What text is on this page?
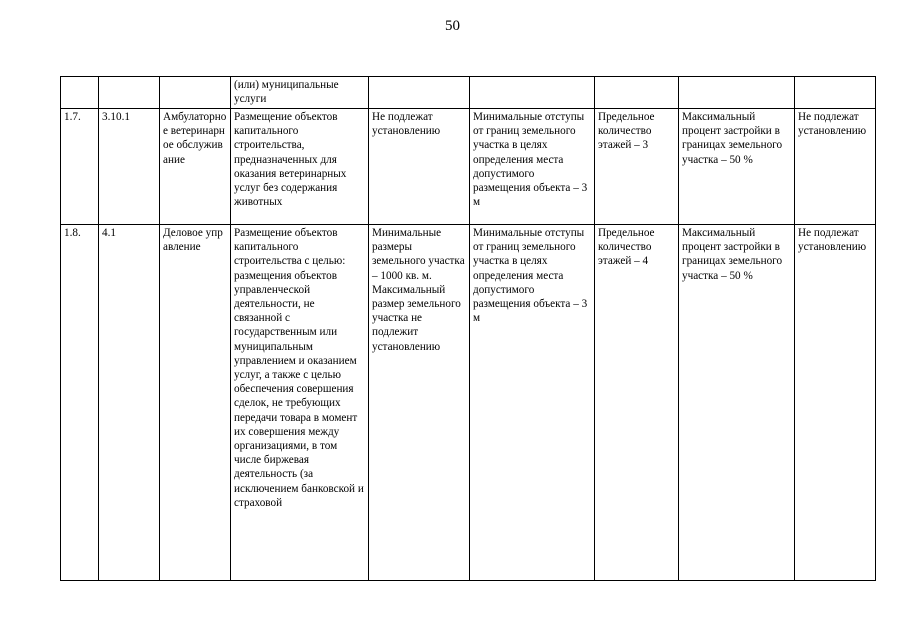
50
			(или) муниципальные услуги					
1.7.	3.10.1	Амбулаторное ветеринарное обслуживание	Размещение объектов капитального строительства, предназначенных для оказания ветеринарных услуг без содержания животных	Не подлежат установлению	Минимальные отступы от границ земельного участка в целях определения места допустимого размещения объекта – 3 м	Предельное количество этажей – 3	Максимальный процент застройки в границах земельного участка – 50 %	Не подлежат установлению
1.8.	4.1	Деловое управление	Размещение объектов капитального строительства с целью: размещения объектов управленческой деятельности, не связанной с государственным или муниципальным управлением и оказанием услуг, а также с целью обеспечения совершения сделок, не требующих передачи товара в момент их совершения между организациями, в том числе биржевая деятельность (за исключением банковской и страховой	Минимальные размеры земельного участка – 1000 кв. м. Максимальный размер земельного участка не подлежит установлению	Минимальные отступы от границ земельного участка в целях определения места допустимого размещения объекта – 3 м	Предельное количество этажей – 4	Максимальный процент застройки в границах земельного участка – 50 %	Не подлежат установлению
